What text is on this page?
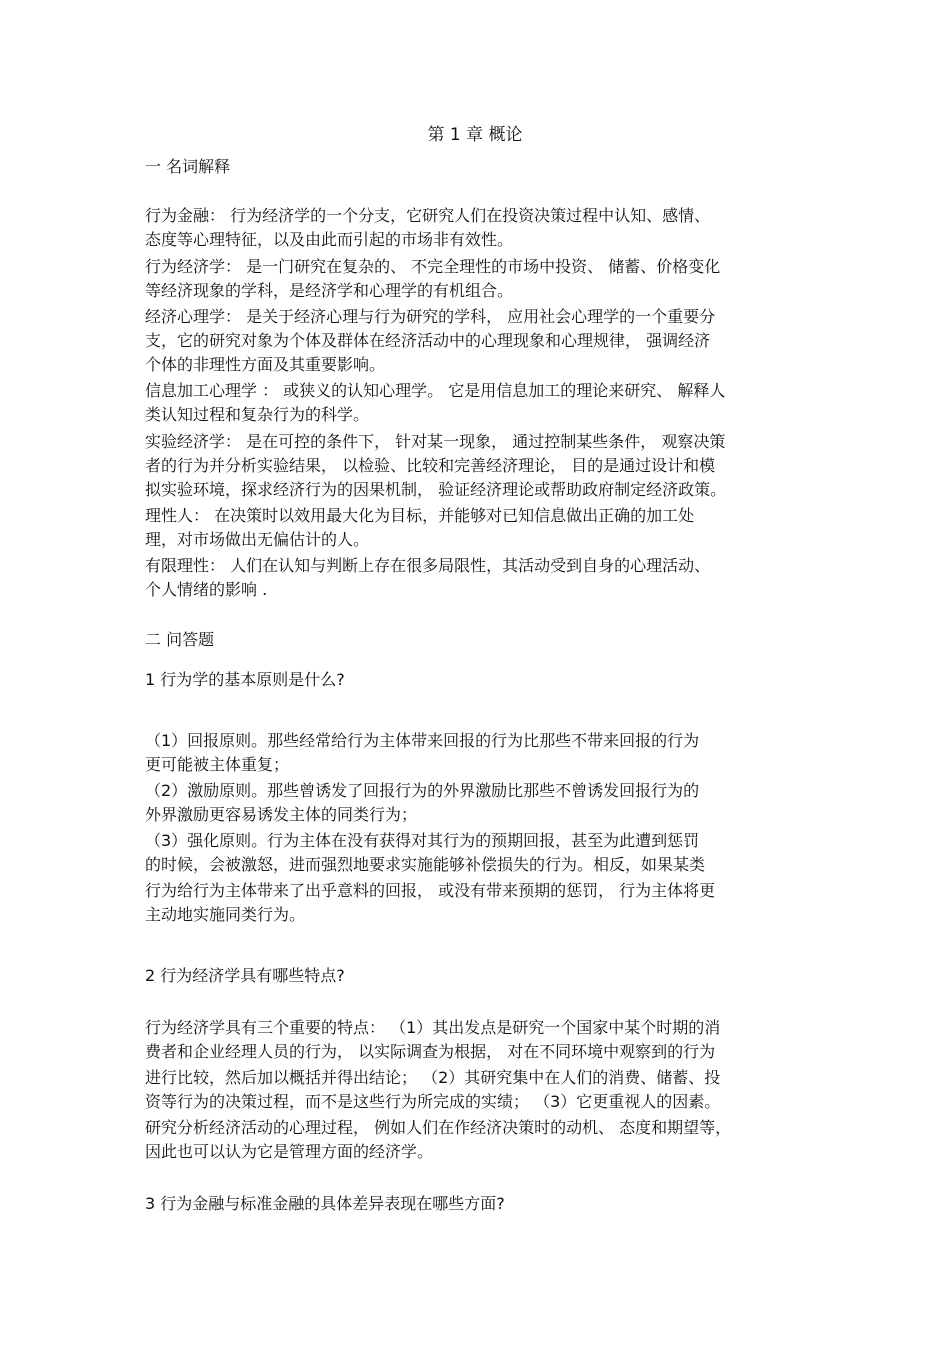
第 1 章 概论
一 名词解释
行为金融： 行为经济学的一个分支，它研究人们在投资决策过程中认知、感情、
态度等心理特征，以及由此而引起的市场非有效性。
行为经济学： 是一门研究在复杂的、 不完全理性的市场中投资、 储蓄、价格变化
等经济现象的学科，是经济学和心理学的有机组合。
经济心理学： 是关于经济心理与行为研究的学科， 应用社会心理学的一个重要分
支，它的研究对象为个体及群体在经济活动中的心理现象和心理规律， 强调经济
个体的非理性方面及其重要影响。
信息加工心理学 ： 或狭义的认知心理学。 它是用信息加工的理论来研究、 解释人
类认知过程和复杂行为的科学。
实验经济学： 是在可控的条件下， 针对某一现象， 通过控制某些条件， 观察决策
者的行为并分析实验结果， 以检验、比较和完善经济理论， 目的是通过设计和模
拟实验环境，探求经济行为的因果机制， 验证经济理论或帮助政府制定经济政策。
理性人： 在决策时以效用最大化为目标，并能够对已知信息做出正确的加工处
理，对市场做出无偏估计的人。
有限理性： 人们在认知与判断上存在很多局限性，其活动受到自身的心理活动、
个人情绪的影响 .
二 问答题
1 行为学的基本原则是什么?
（1）回报原则。那些经常给行为主体带来回报的行为比那些不带来回报的行为
更可能被主体重复；
（2）激励原则。那些曾诱发了回报行为的外界激励比那些不曾诱发回报行为的
外界激励更容易诱发主体的同类行为；
（3）强化原则。行为主体在没有获得对其行为的预期回报，甚至为此遭到惩罚
的时候，会被激怒，进而强烈地要求实施能够补偿损失的行为。相反，如果某类
行为给行为主体带来了出乎意料的回报， 或没有带来预期的惩罚， 行为主体将更
主动地实施同类行为。
2 行为经济学具有哪些特点?
行为经济学具有三个重要的特点： （1）其出发点是研究一个国家中某个时期的消
费者和企业经理人员的行为， 以实际调查为根据， 对在不同环境中观察到的行为
进行比较，然后加以概括并得出结论； （2）其研究集中在人们的消费、储蓄、投
资等行为的决策过程，而不是这些行为所完成的实绩； （3）它更重视人的因素。
研究分析经济活动的心理过程， 例如人们在作经济决策时的动机、 态度和期望等，
因此也可以认为它是管理方面的经济学。
3 行为金融与标准金融的具体差异表现在哪些方面?
